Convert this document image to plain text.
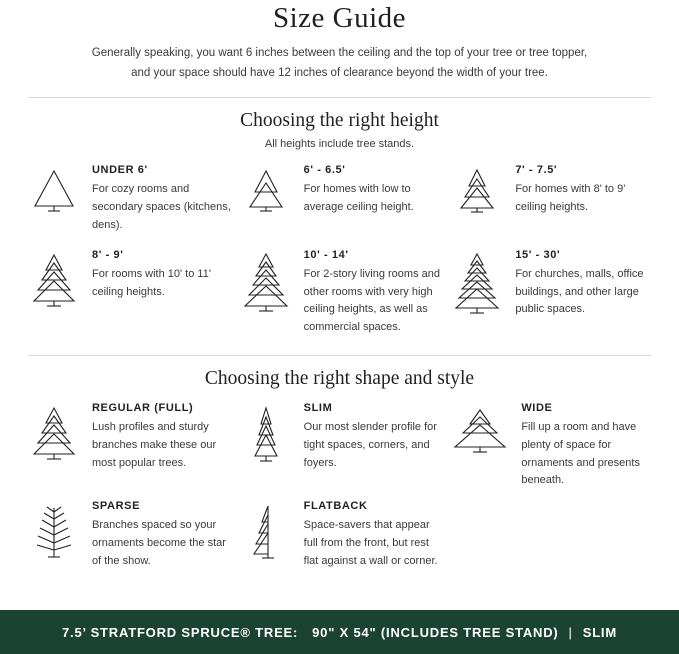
Size Guide

Generally speaking, you want 6 inches between the ceiling and the top of your tree or tree topper, and your space should have 12 inches of clearance beyond the width of your tree.

Choosing the right height
All heights include tree stands.
UNDER 6'
For cozy rooms and secondary spaces (kitchens, dens).
6' - 6.5'
For homes with low to average ceiling height.
7' - 7.5'
For homes with 8' to 9' ceiling heights.
8' - 9'
For rooms with 10' to 11' ceiling heights.
10' - 14'
For 2-story living rooms and other rooms with very high ceiling heights, as well as commercial spaces.
15' - 30'
For churches, malls, office buildings, and other large public spaces.
Choosing the right shape and style
REGULAR (FULL)
Lush profiles and sturdy branches make these our most popular trees.
SLIM
Our most slender profile for tight spaces, corners, and foyers.
WIDE
Fill up a room and have plenty of space for ornaments and presents beneath.
SPARSE
Branches spaced so your ornaments become the star of the show.
FLATBACK
Space-savers that appear full from the front, but rest flat against a wall or corner.
7.5’ STRATFORD SPRUCE® TREE:	90" X 54" (INCLUDES TREE STAND) | SLIM
